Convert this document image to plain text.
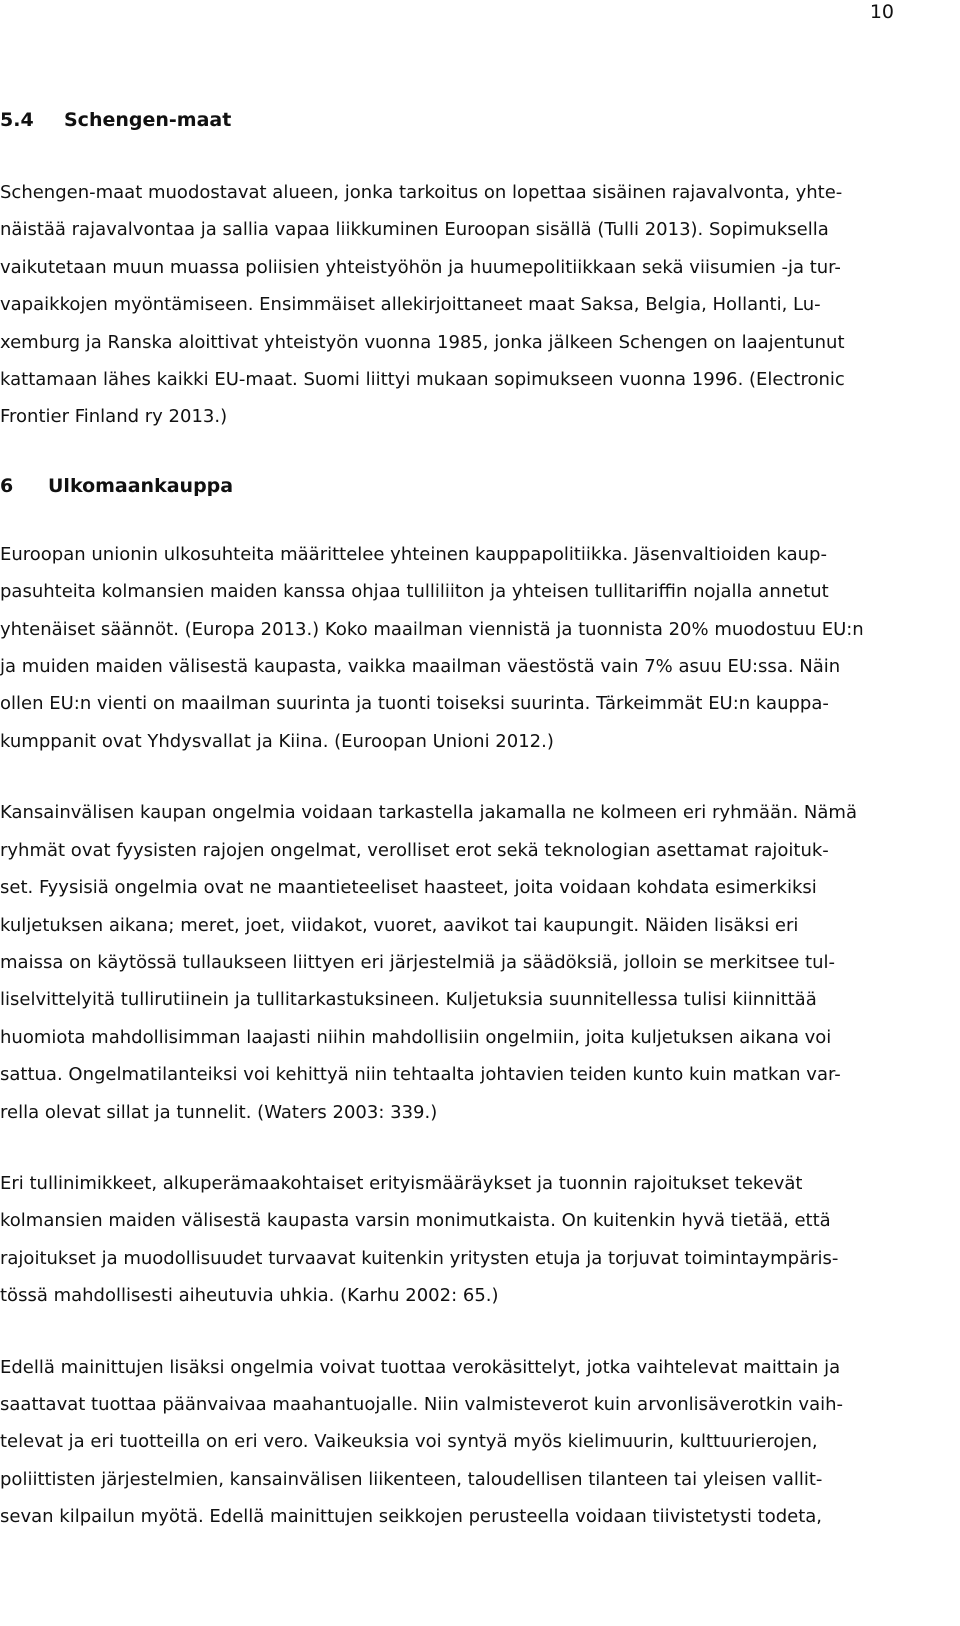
10
5.4	Schengen-maat

Schengen-maat muodostavat alueen, jonka tarkoitus on lopettaa sisäinen rajavalvonta, yhte-
näistää rajavalvontaa ja sallia vapaa liikkuminen Euroopan sisällä (Tulli 2013). Sopimuksella
vaikutetaan muun muassa poliisien yhteistyöhön ja huumepolitiikkaan sekä viisumien -ja tur-
vapaikkojen myöntämiseen. Ensimmäiset allekirjoittaneet maat Saksa, Belgia, Hollanti, Lu-
xemburg ja Ranska aloittivat yhteistyön vuonna 1985, jonka jälkeen Schengen on laajentunut
kattamaan lähes kaikki EU-maat. Suomi liittyi mukaan sopimukseen vuonna 1996. (Electronic
Frontier Finland ry 2013.)

6	Ulkomaankauppa

Euroopan unionin ulkosuhteita määrittelee yhteinen kauppapolitiikka. Jäsenvaltioiden kaup-
pasuhteita kolmansien maiden kanssa ohjaa tulliliiton ja yhteisen tullitariffin nojalla annetut
yhtenäiset säännöt. (Europa 2013.) Koko maailman viennistä ja tuonnista 20% muodostuu EU:n
ja muiden maiden välisestä kaupasta, vaikka maailman väestöstä vain 7% asuu EU:ssa. Näin
ollen EU:n vienti on maailman suurinta ja tuonti toiseksi suurinta. Tärkeimmät EU:n kauppa-
kumppanit ovat Yhdysvallat ja Kiina. (Euroopan Unioni 2012.)

Kansainvälisen kaupan ongelmia voidaan tarkastella jakamalla ne kolmeen eri ryhmään. Nämä
ryhmät ovat fyysisten rajojen ongelmat, verolliset erot sekä teknologian asettamat rajoituk-
set. Fyysisiä ongelmia ovat ne maantieteeliset haasteet, joita voidaan kohdata esimerkiksi
kuljetuksen aikana; meret, joet, viidakot, vuoret, aavikot tai kaupungit. Näiden lisäksi eri
maissa on käytössä tullaukseen liittyen eri järjestelmiä ja säädöksiä, jolloin se merkitsee tul-
liselvittelyitä tullirutiinein ja tullitarkastuksineen. Kuljetuksia suunnitellessa tulisi kiinnittää
huomiota mahdollisimman laajasti niihin mahdollisiin ongelmiin, joita kuljetuksen aikana voi
sattua. Ongelmatilanteiksi voi kehittyä niin tehtaalta johtavien teiden kunto kuin matkan var-
rella olevat sillat ja tunnelit. (Waters 2003: 339.)

Eri tullinimikkeet, alkuperämaakohtaiset erityismääräykset ja tuonnin rajoitukset tekevät
kolmansien maiden välisestä kaupasta varsin monimutkaista. On kuitenkin hyvä tietää, että
rajoitukset ja muodollisuudet turvaavat kuitenkin yritysten etuja ja torjuvat toimintaympäris-
tössä mahdollisesti aiheutuvia uhkia. (Karhu 2002: 65.)

Edellä mainittujen lisäksi ongelmia voivat tuottaa verokäsittelyt, jotka vaihtelevat maittain ja
saattavat tuottaa päänvaivaa maahantuojalle. Niin valmisteverot kuin arvonlisäverotkin vaih-
televat ja eri tuotteilla on eri vero. Vaikeuksia voi syntyä myös kielimuurin, kulttuurierojen,
poliittisten järjestelmien, kansainvälisen liikenteen, taloudellisen tilanteen tai yleisen vallit-
sevan kilpailun myötä. Edellä mainittujen seikkojen perusteella voidaan tiivistetysti todeta,
